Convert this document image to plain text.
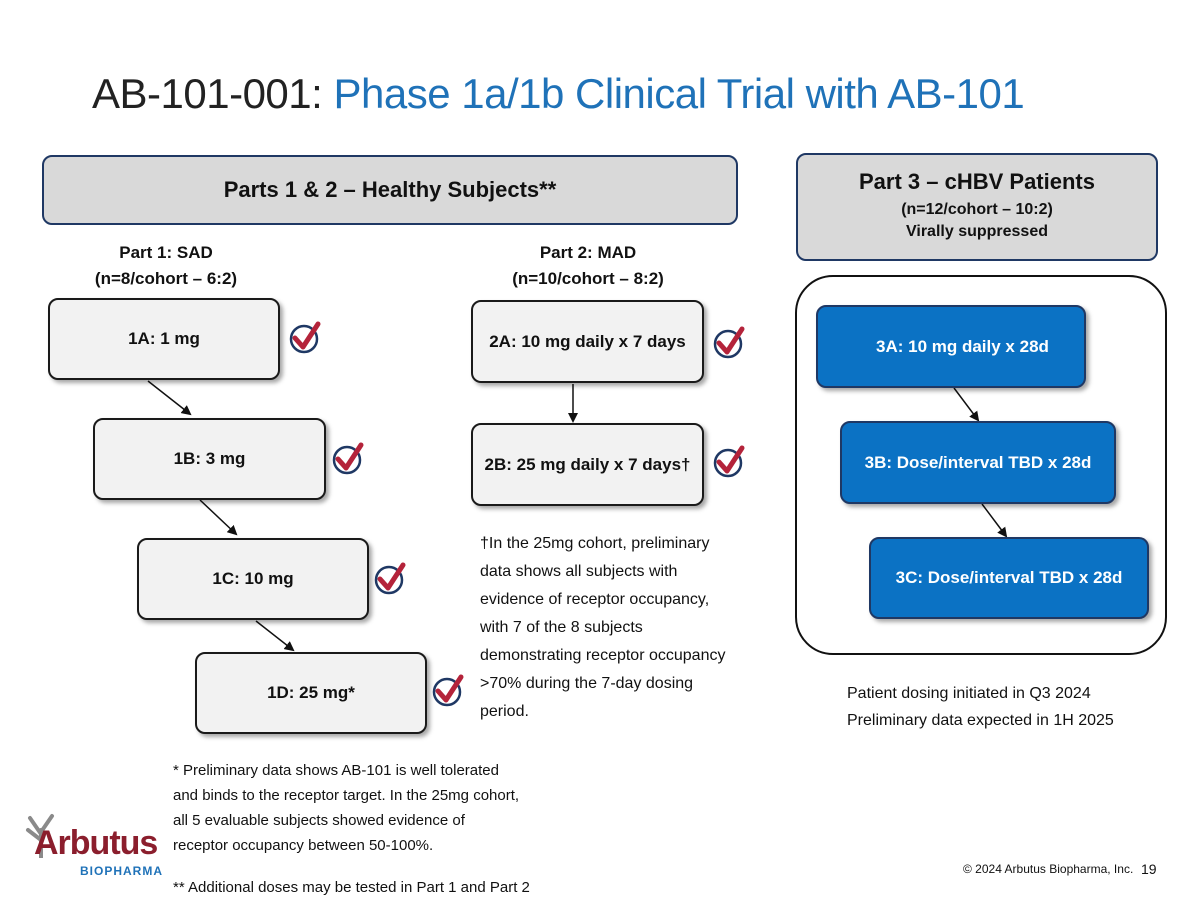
AB-101-001: Phase 1a/1b Clinical Trial with AB-101
Parts 1 & 2 – Healthy Subjects**	Part 3 – cHBV Patients
(n=12/cohort – 10:2)
Virally suppressed
Part 1: SAD
(n=8/cohort – 6:2)
Part 2: MAD
(n=10/cohort – 8:2)
1A: 1 mg
1B: 3 mg
1C: 10 mg
1D: 25 mg*
2A: 10 mg daily x 7 days
2B: 25 mg daily x 7 days†
†In the 25mg cohort, preliminary data shows all subjects with evidence of receptor occupancy, with 7 of the 8 subjects demonstrating receptor occupancy >70% during the 7-day dosing period.
3A: 10 mg daily x 28d
3B: Dose/interval TBD x 28d
3C: Dose/interval TBD x 28d
Patient dosing initiated in Q3 2024
Preliminary data expected in 1H 2025
* Preliminary data shows AB-101 is well tolerated and binds to the receptor target. In the 25mg cohort, all 5 evaluable subjects showed evidence of receptor occupancy between 50-100%.
** Additional doses may be tested in Part 1 and Part 2
Arbutus
BIOPHARMA	© 2024 Arbutus Biopharma, Inc. 19
